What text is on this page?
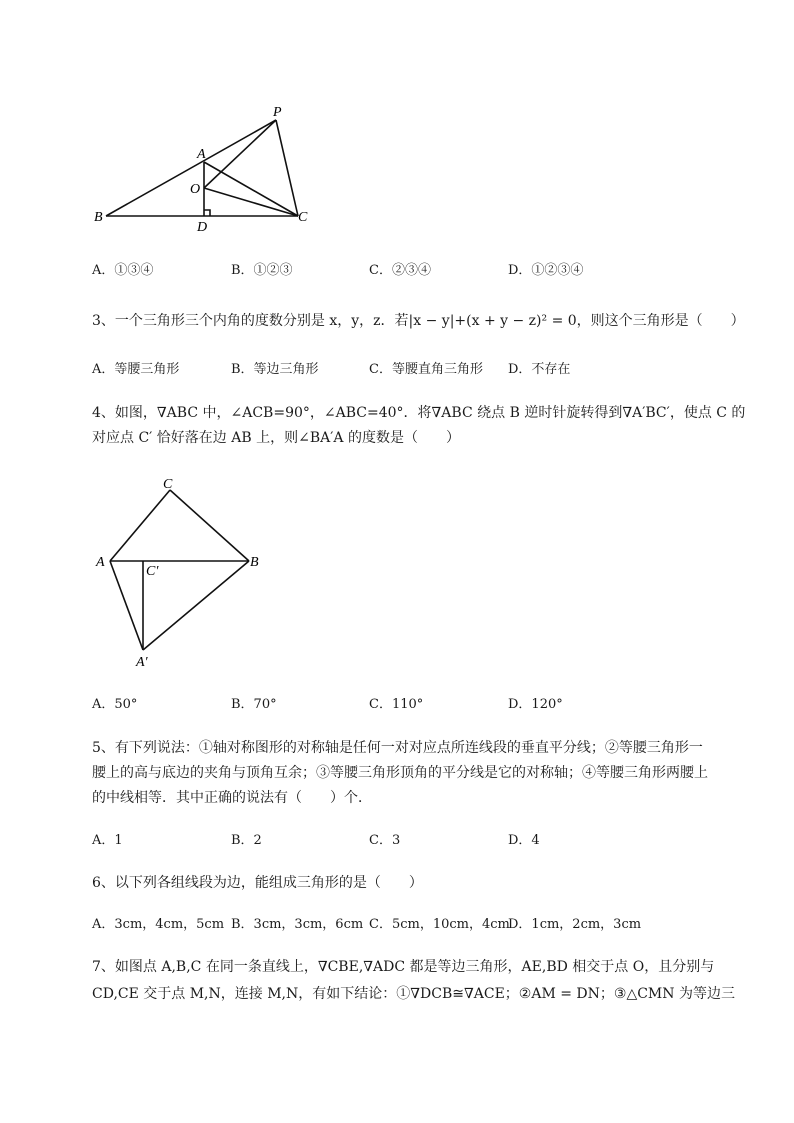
P
A
O
B
D
C
A．①③④	B．①②③	C．②③④	D．①②③④
3、一个三角形三个内角的度数分别是 x，y，z．若|x − y|+(x + y − z)² = 0，则这个三角形是（　　）
A．等腰三角形	B．等边三角形	C．等腰直角三角形 D．不存在
4、如图，∇ABC 中，∠ACB=90°，∠ABC=40°．将∇ABC 绕点 B 逆时针旋转得到∇A′BC′，使点 C 的
对应点 C′ 恰好落在边 AB 上，则∠BA′A 的度数是（　　）
C
A	B
C′
A′
A．50°	B．70°	C．110°	D．120°
5、有下列说法：①轴对称图形的对称轴是任何一对对应点所连线段的垂直平分线；②等腰三角形一
腰上的高与底边的夹角与顶角互余；③等腰三角形顶角的平分线是它的对称轴；④等腰三角形两腰上
的中线相等．其中正确的说法有（　　）个．
A．1	B．2	C．3	D．4
6、以下列各组线段为边，能组成三角形的是（　　）
A．3cm，4cm，5cm B．3cm，3cm，6cm C．5cm，10cm，4cm
D．1cm，2cm，3cm
7、如图点 A,B,C 在同一条直线上，∇CBE,∇ADC 都是等边三角形，AE,BD 相交于点 O，且分别与
CD,CE 交于点 M,N，连接 M,N，有如下结论：①∇DCB≅∇ACE；②AM = DN；③△CMN 为等边三
